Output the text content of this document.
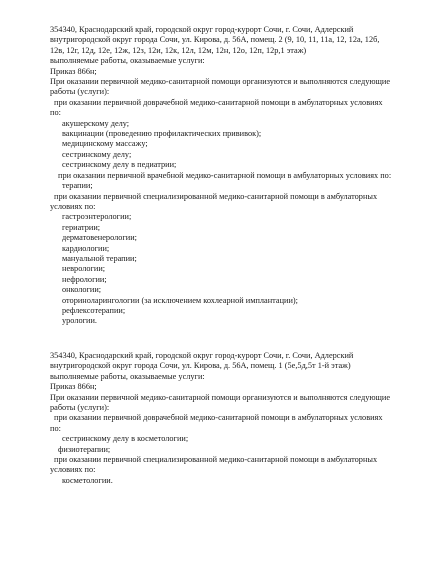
354340, Краснодарский край, городской округ город-курорт Сочи, г. Сочи, Адлерский
внутригородской округ города Сочи, ул. Кирова, д. 56А, помещ. 2 (9, 10, 11, 11а, 12, 12а, 12б,
12в, 12г, 12д, 12е, 12ж, 12з, 12и, 12к, 12л, 12м, 12н, 12о, 12п, 12р,1 этаж)
выполняемые работы, оказываемые услуги:
Приказ 866н;
При оказании первичной медико-санитарной помощи организуются и выполняются следующие
работы (услуги):
при оказании первичной доврачебной медико-санитарной помощи в амбулаторных условиях
по:
акушерскому делу;
вакцинации (проведению профилактических прививок);
медицинскому массажу;
сестринскому делу;
сестринскому делу в педиатрии;
при оказании первичной врачебной медико-санитарной помощи в амбулаторных условиях по:
терапии;
при оказании первичной специализированной медико-санитарной помощи в амбулаторных
условиях по:
гастроэнтерологии;
гериатрии;
дерматовенерологии;
кардиологии;
мануальной терапии;
неврологии;
нефрологии;
онкологии;
оториноларингологии (за исключением кохлеарной имплантации);
рефлексотерапии;
урологии.
354340, Краснодарский край, городской округ город-курорт Сочи, г. Сочи, Адлерский
внутригородской округ города Сочи, ул. Кирова, д. 56А, помещ. 1 (5е,5д,5т 1-й этаж)
выполняемые работы, оказываемые услуги:
Приказ 866н;
При оказании первичной медико-санитарной помощи организуются и выполняются следующие
работы (услуги):
при оказании первичной доврачебной медико-санитарной помощи в амбулаторных условиях
по:
сестринскому делу в косметологии;
физиотерапии;
при оказании первичной специализированной медико-санитарной помощи в амбулаторных
условиях по:
косметологии.
